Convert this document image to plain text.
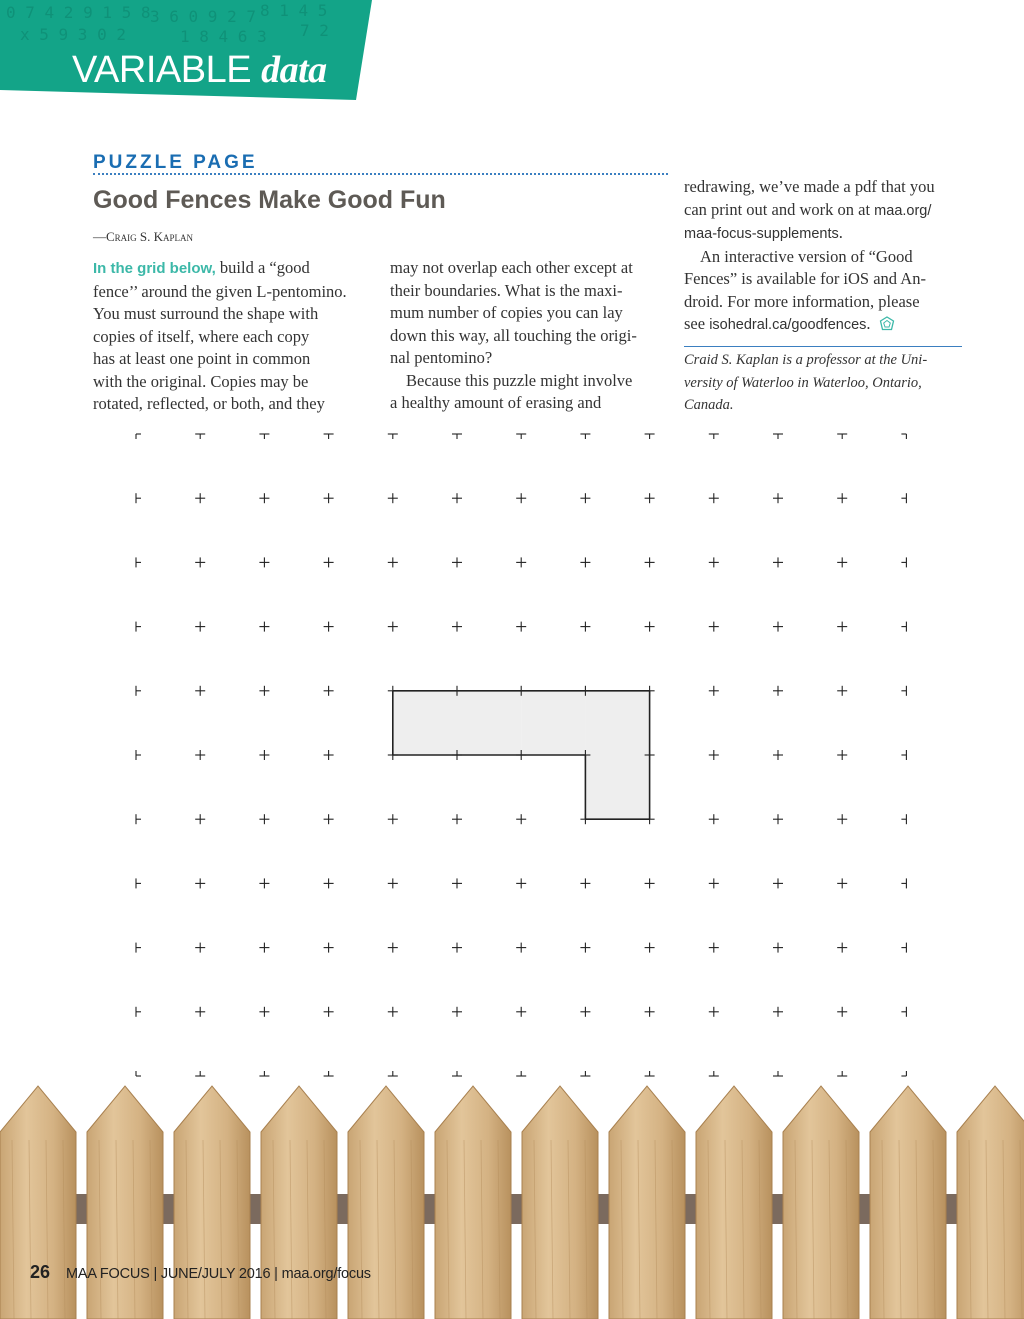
0 7 4 2 9 1 5 8 3 6 0 9 2 7 8 1 4 5
x 5 9 3 0 2	1 8 4 6 3 7 2
VARIABLE data
PUZZLE PAGE
Good Fences Make Good Fun
—Craig S. Kaplan
In the grid below, build a “good
fence’’ around the given L-pentomino.
You must surround the shape with
copies of itself, where each copy
has at least one point in common
with the original. Copies may be
rotated, reflected, or both, and they
may not overlap each other except at
their boundaries. What is the maxi-
mum number of copies you can lay
down this way, all touching the origi-
nal pentomino?
Because this puzzle might involve
a healthy amount of erasing and
redrawing, we’ve made a pdf that you
can print out and work on at maa.org/
maa-focus-supplements.
An interactive version of “Good
Fences” is available for iOS and An-
droid. For more information, please
see isohedral.ca/goodfences.
Craid S. Kaplan is a professor at the Uni-
versity of Waterloo in Waterloo, Ontario,
Canada.
26 MAA FOCUS | JUNE/JULY 2016 | maa.org/focus
